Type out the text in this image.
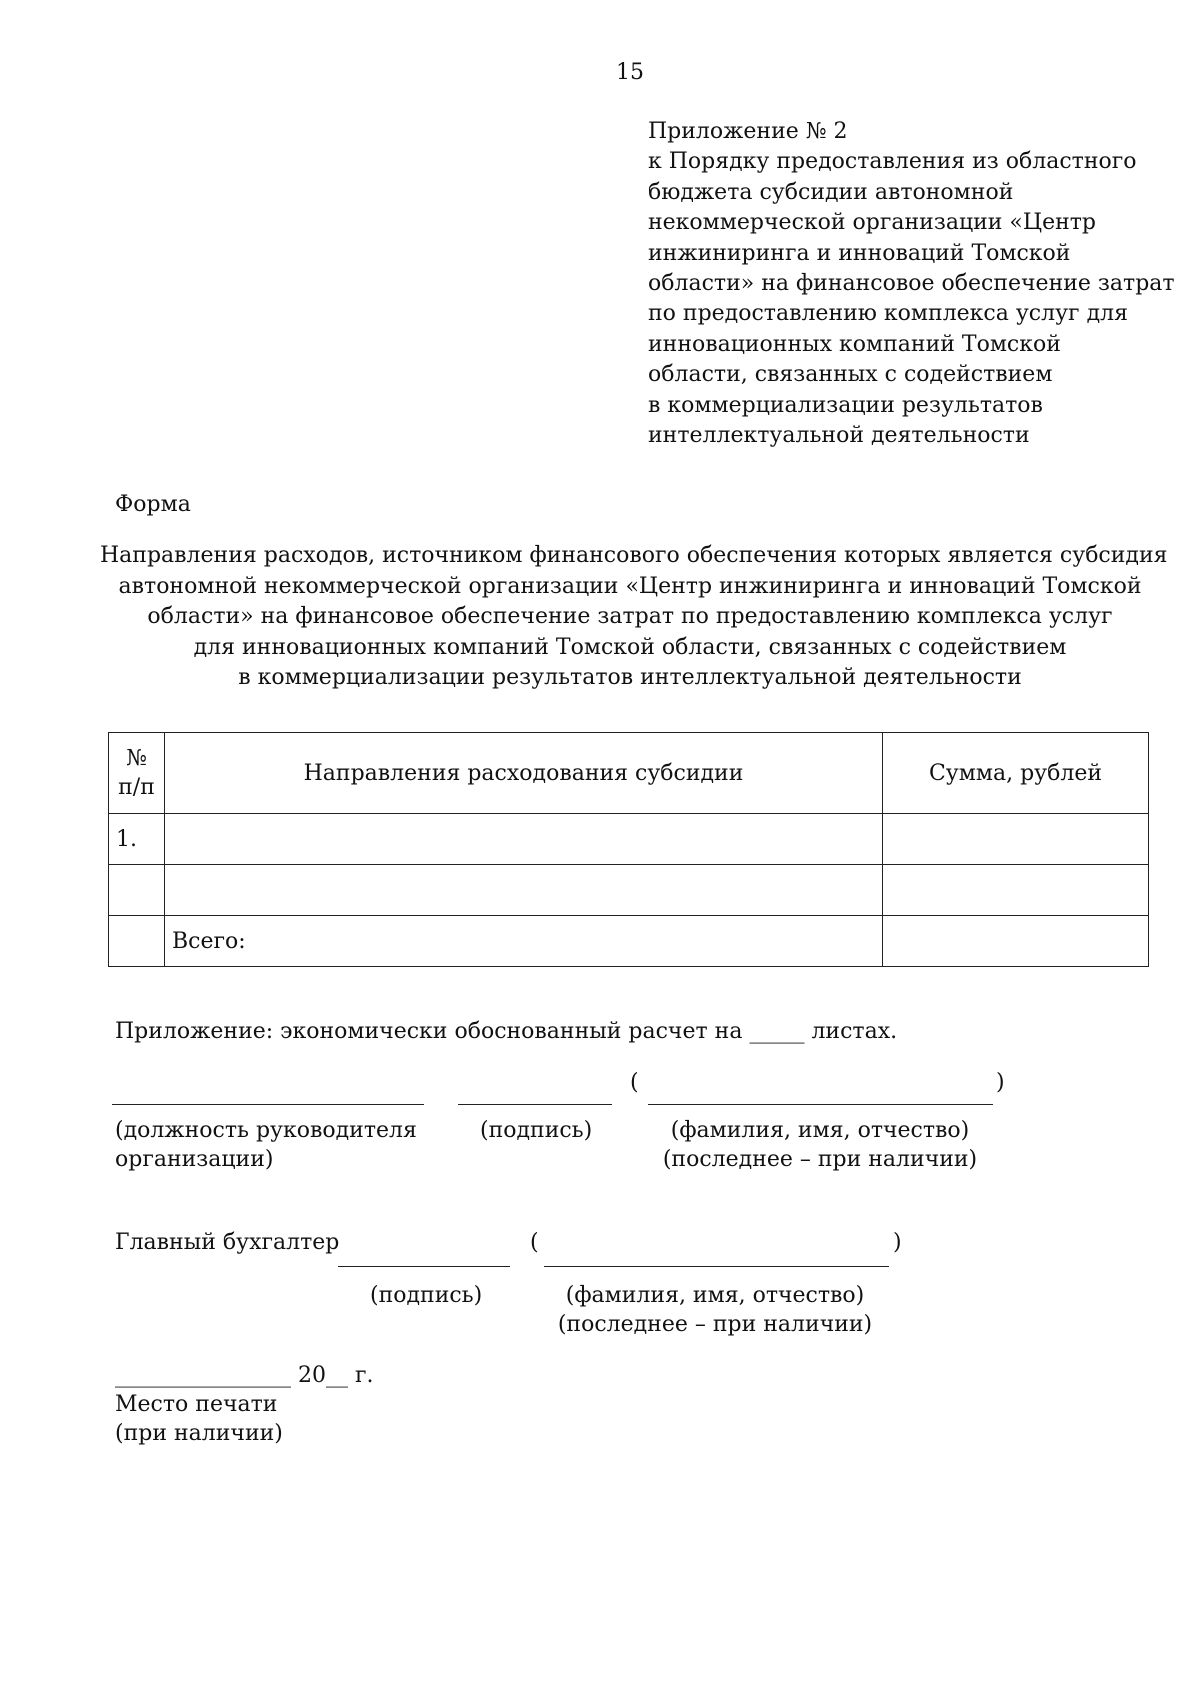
15
Приложение № 2
к Порядку предоставления из областного
бюджета субсидии автономной
некоммерческой организации «Центр
инжиниринга и инноваций Томской
области» на финансовое обеспечение затрат
по предоставлению комплекса услуг для
инновационных компаний Томской
области, связанных с содействием
в коммерциализации результатов
интеллектуальной деятельности
Форма
Направления расходов, источником финансового обеспечения которых является субсидия
автономной некоммерческой организации «Центр инжиниринга и инноваций Томской
области» на финансовое обеспечение затрат по предоставлению комплекса услуг
для инновационных компаний Томской области, связанных с содействием
в коммерциализации результатов интеллектуальной деятельности
№
п/п	Направления расходования субсидии	Сумма, рублей
1.		

	Всего:	
Приложение: экономически обоснованный расчет на _____ листах.
(	)
(должность руководителя
организации)
(подпись)	(фамилия, имя, отчество)
(последнее – при наличии)
Главный бухгалтер	(	)
(подпись)	(фамилия, имя, отчество)
(последнее – при наличии)
________________ 20__ г.
Место печати
(при наличии)
